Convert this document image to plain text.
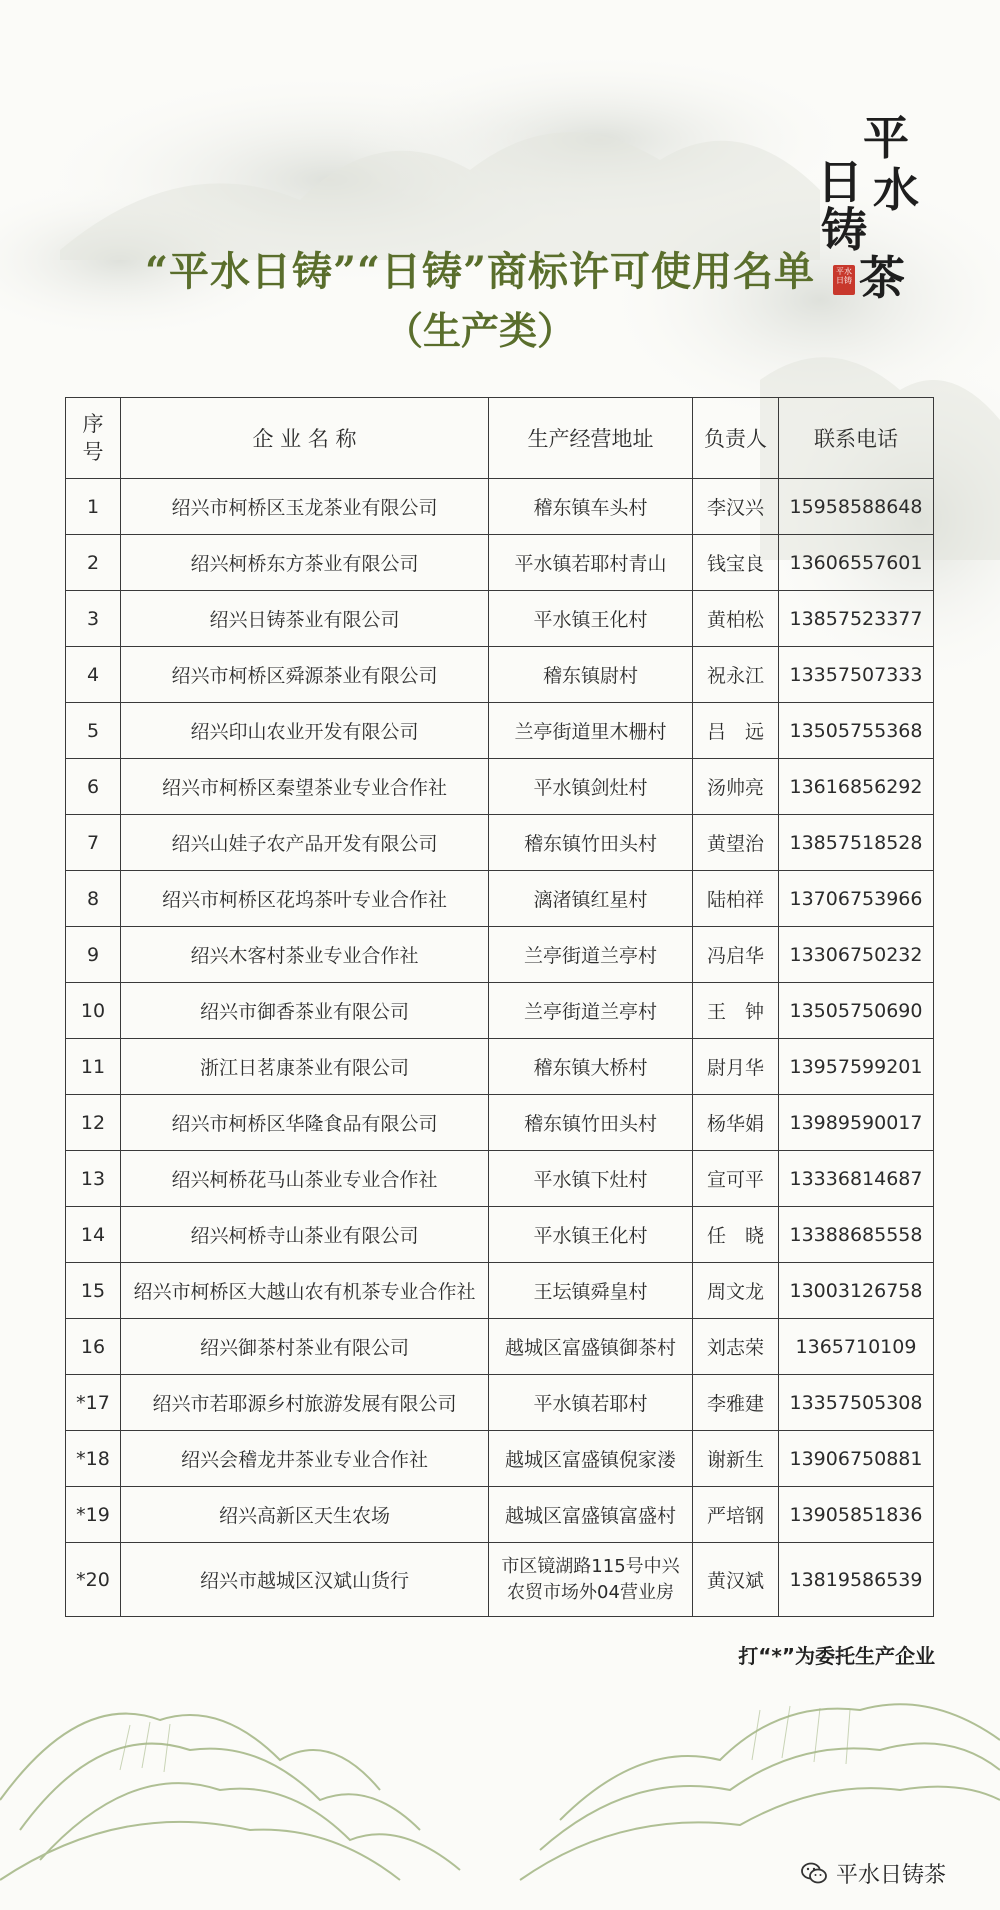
平
日 水
铸
茶
平水日铸
“平水日铸”“日铸”商标许可使用名单
（生产类）
序
号	企 业 名 称	生产经营地址	负责人	联系电话
1	绍兴市柯桥区玉龙茶业有限公司	稽东镇车头村	李汉兴	15958588648
2	绍兴柯桥东方茶业有限公司	平水镇若耶村青山	钱宝良	13606557601
3	绍兴日铸茶业有限公司	平水镇王化村	黄柏松	13857523377
4	绍兴市柯桥区舜源茶业有限公司	稽东镇尉村	祝永江	13357507333
5	绍兴印山农业开发有限公司	兰亭街道里木栅村	吕　远	13505755368
6	绍兴市柯桥区秦望茶业专业合作社	平水镇剑灶村	汤帅亮	13616856292
7	绍兴山娃子农产品开发有限公司	稽东镇竹田头村	黄望治	13857518528
8	绍兴市柯桥区花坞茶叶专业合作社	漓渚镇红星村	陆柏祥	13706753966
9	绍兴木客村茶业专业合作社	兰亭街道兰亭村	冯启华	13306750232
10	绍兴市御香茶业有限公司	兰亭街道兰亭村	王　钟	13505750690
11	浙江日茗康茶业有限公司	稽东镇大桥村	尉月华	13957599201
12	绍兴市柯桥区华隆食品有限公司	稽东镇竹田头村	杨华娟	13989590017
13	绍兴柯桥花马山茶业专业合作社	平水镇下灶村	宣可平	13336814687
14	绍兴柯桥寺山茶业有限公司	平水镇王化村	任　晓	13388685558
15	绍兴市柯桥区大越山农有机茶专业合作社	王坛镇舜皇村	周文龙	13003126758
16	绍兴御茶村茶业有限公司	越城区富盛镇御茶村	刘志荣	1365710109
*17	绍兴市若耶源乡村旅游发展有限公司	平水镇若耶村	李雅建	13357505308
*18	绍兴会稽龙井茶业专业合作社	越城区富盛镇倪家溇	谢新生	13906750881
*19	绍兴高新区天生农场	越城区富盛镇富盛村	严培钢	13905851836
*20	绍兴市越城区汉斌山货行	市区镜湖路115号中兴农贸市场外04营业房	黄汉斌	13819586539
打“*”为委托生产企业
平水日铸茶
